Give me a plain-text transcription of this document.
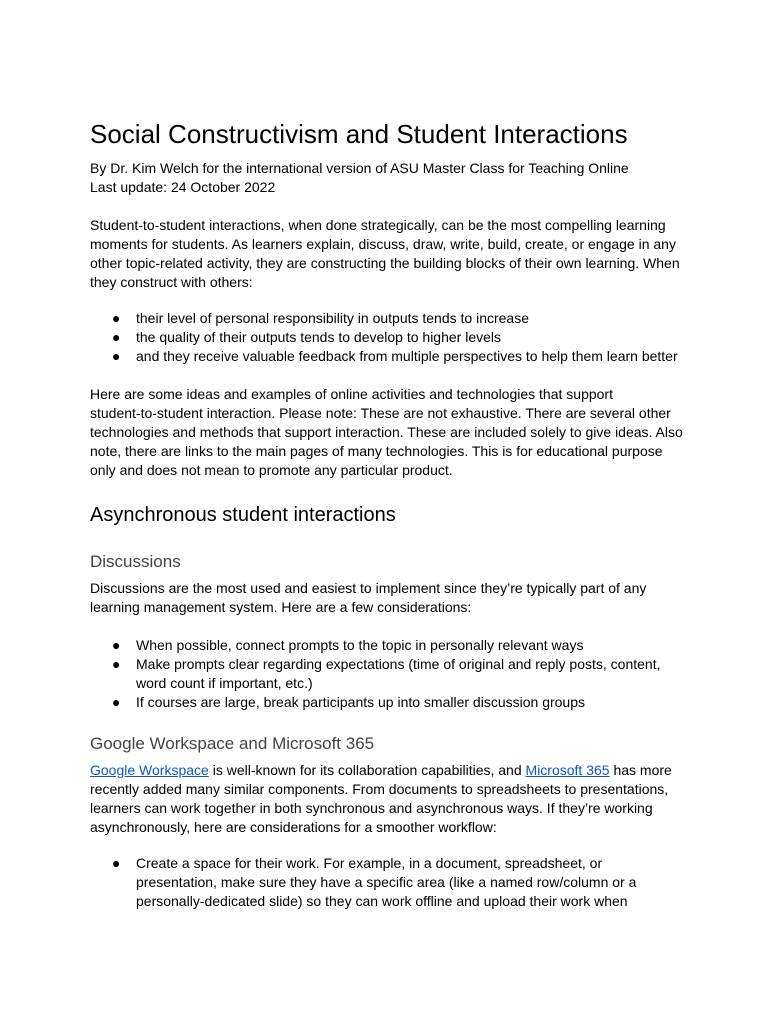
Social Constructivism and Student Interactions

By Dr. Kim Welch for the international version of ASU Master Class for Teaching Online
Last update: 24 October 2022

Student-to-student interactions, when done strategically, can be the most compelling learning
moments for students. As learners explain, discuss, draw, write, build, create, or engage in any
other topic-related activity, they are constructing the building blocks of their own learning. When
they construct with others:

● their level of personal responsibility in outputs tends to increase
● the quality of their outputs tends to develop to higher levels
● and they receive valuable feedback from multiple perspectives to help them learn better

Here are some ideas and examples of online activities and technologies that support
student-to-student interaction. Please note: These are not exhaustive. There are several other
technologies and methods that support interaction. These are included solely to give ideas. Also
note, there are links to the main pages of many technologies. This is for educational purpose
only and does not mean to promote any particular product.

Asynchronous student interactions
Discussions

Discussions are the most used and easiest to implement since they’re typically part of any
learning management system. Here are a few considerations:

● When possible, connect prompts to the topic in personally relevant ways
● Make prompts clear regarding expectations (time of original and reply posts, content,
word count if important, etc.)
● If courses are large, break participants up into smaller discussion groups
Google Workspace and Microsoft 365

Google Workspace is well-known for its collaboration capabilities, and Microsoft 365 has more
recently added many similar components. From documents to spreadsheets to presentations,
learners can work together in both synchronous and asynchronous ways. If they’re working
asynchronously, here are considerations for a smoother workflow:

● Create a space for their work. For example, in a document, spreadsheet, or
presentation, make sure they have a specific area (like a named row/column or a
personally-dedicated slide) so they can work offline and upload their work when
